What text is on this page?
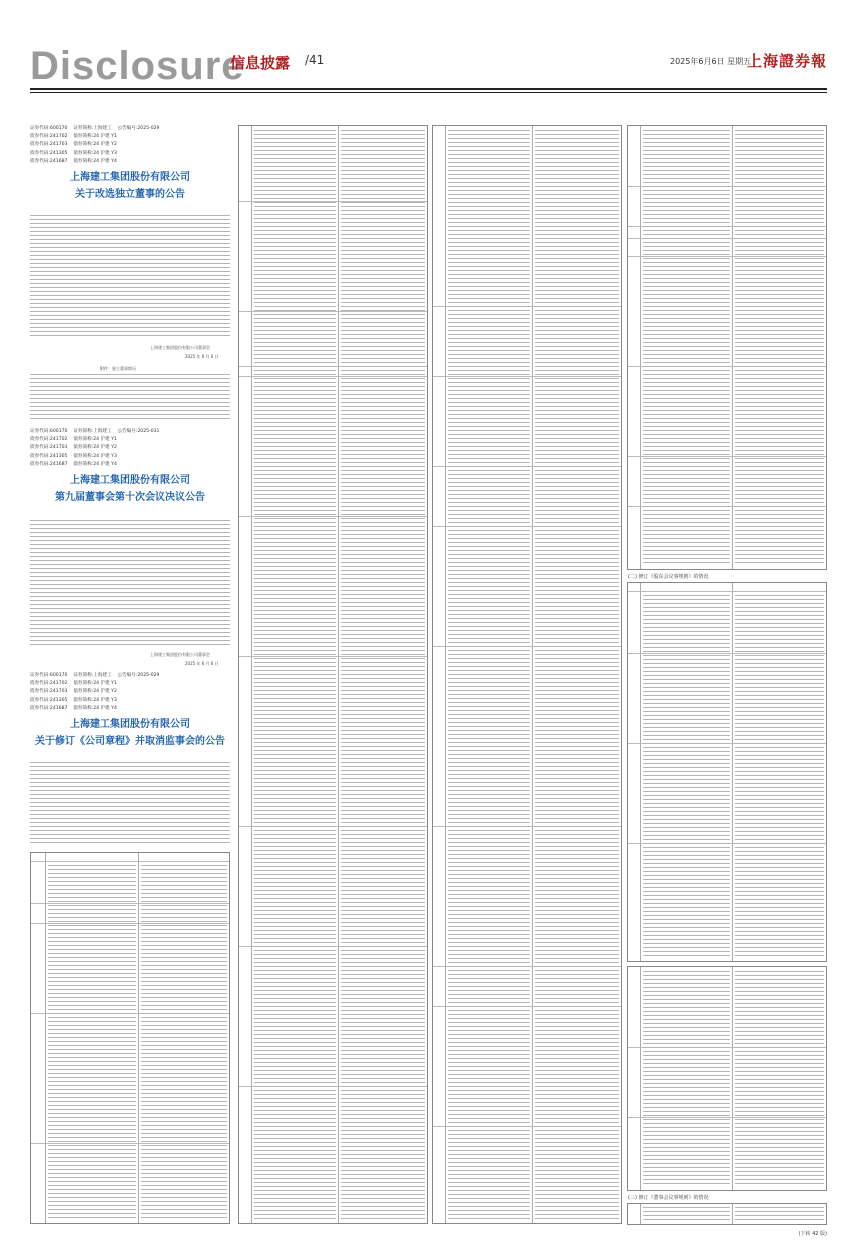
Disclosure
信息披露 /41	2025年6月6日 星期五
上海證券報
证券代码:600170    证券简称:上海建工    公告编号:2025-029
债券代码:241702    债券简称:24 沪建 Y1
债券代码:241703    债券简称:24 沪建 Y2
债券代码:241305    债券简称:24 沪建 Y3
债券代码:241687    债券简称:24 沪建 Y4
上海建工集团股份有限公司
关于改选独立董事的公告
上海建工集团股份有限公司董事会
2025 年 6 月 6 日
附件：独立董事简历
证券代码:600170    证券简称:上海建工    公告编号:2025-031
债券代码:241702    债券简称:24 沪建 Y1
债券代码:241703    债券简称:24 沪建 Y2
债券代码:241305    债券简称:24 沪建 Y3
债券代码:241687    债券简称:24 沪建 Y4
上海建工集团股份有限公司
第九届董事会第十次会议决议公告
上海建工集团股份有限公司董事会
2025 年 6 月 6 日
证券代码:600170    证券简称:上海建工    公告编号:2025-029
债券代码:241702    债券简称:24 沪建 Y1
债券代码:241703    债券简称:24 沪建 Y2
债券代码:241305    债券简称:24 沪建 Y3
债券代码:241687    债券简称:24 沪建 Y4
上海建工集团股份有限公司
关于修订《公司章程》并取消监事会的公告
(二) 修订《股东会议事规则》的情况
(三) 修订《董事会议事规则》的情况
(下转 42 版)
